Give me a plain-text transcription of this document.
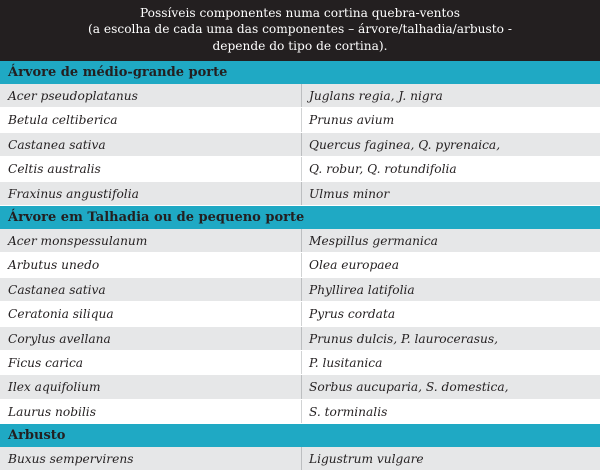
Possíveis componentes numa cortina quebra-ventos
(a escolha de cada uma das componentes – árvore/talhadia/arbusto -
depende do tipo de cortina).
Árvore de médio-grande porte
Acer pseudoplatanus	Juglans regia, J. nigra
Betula celtiberica	Prunus avium
Castanea sativa	Quercus faginea, Q. pyrenaica,
Celtis australis	Q. robur, Q. rotundifolia
Fraxinus angustifolia	Ulmus minor
Árvore em Talhadia ou de pequeno porte
Acer monspessulanum	Mespillus germanica
Arbutus unedo	Olea europaea
Castanea sativa	Phyllirea latifolia
Ceratonia siliqua	Pyrus cordata
Corylus avellana	Prunus dulcis, P. laurocerasus,
Ficus carica	P. lusitanica
Ilex aquifolium	Sorbus aucuparia, S. domestica,
Laurus nobilis	S. torminalis
Arbusto
Buxus sempervirens	Ligustrum vulgare
